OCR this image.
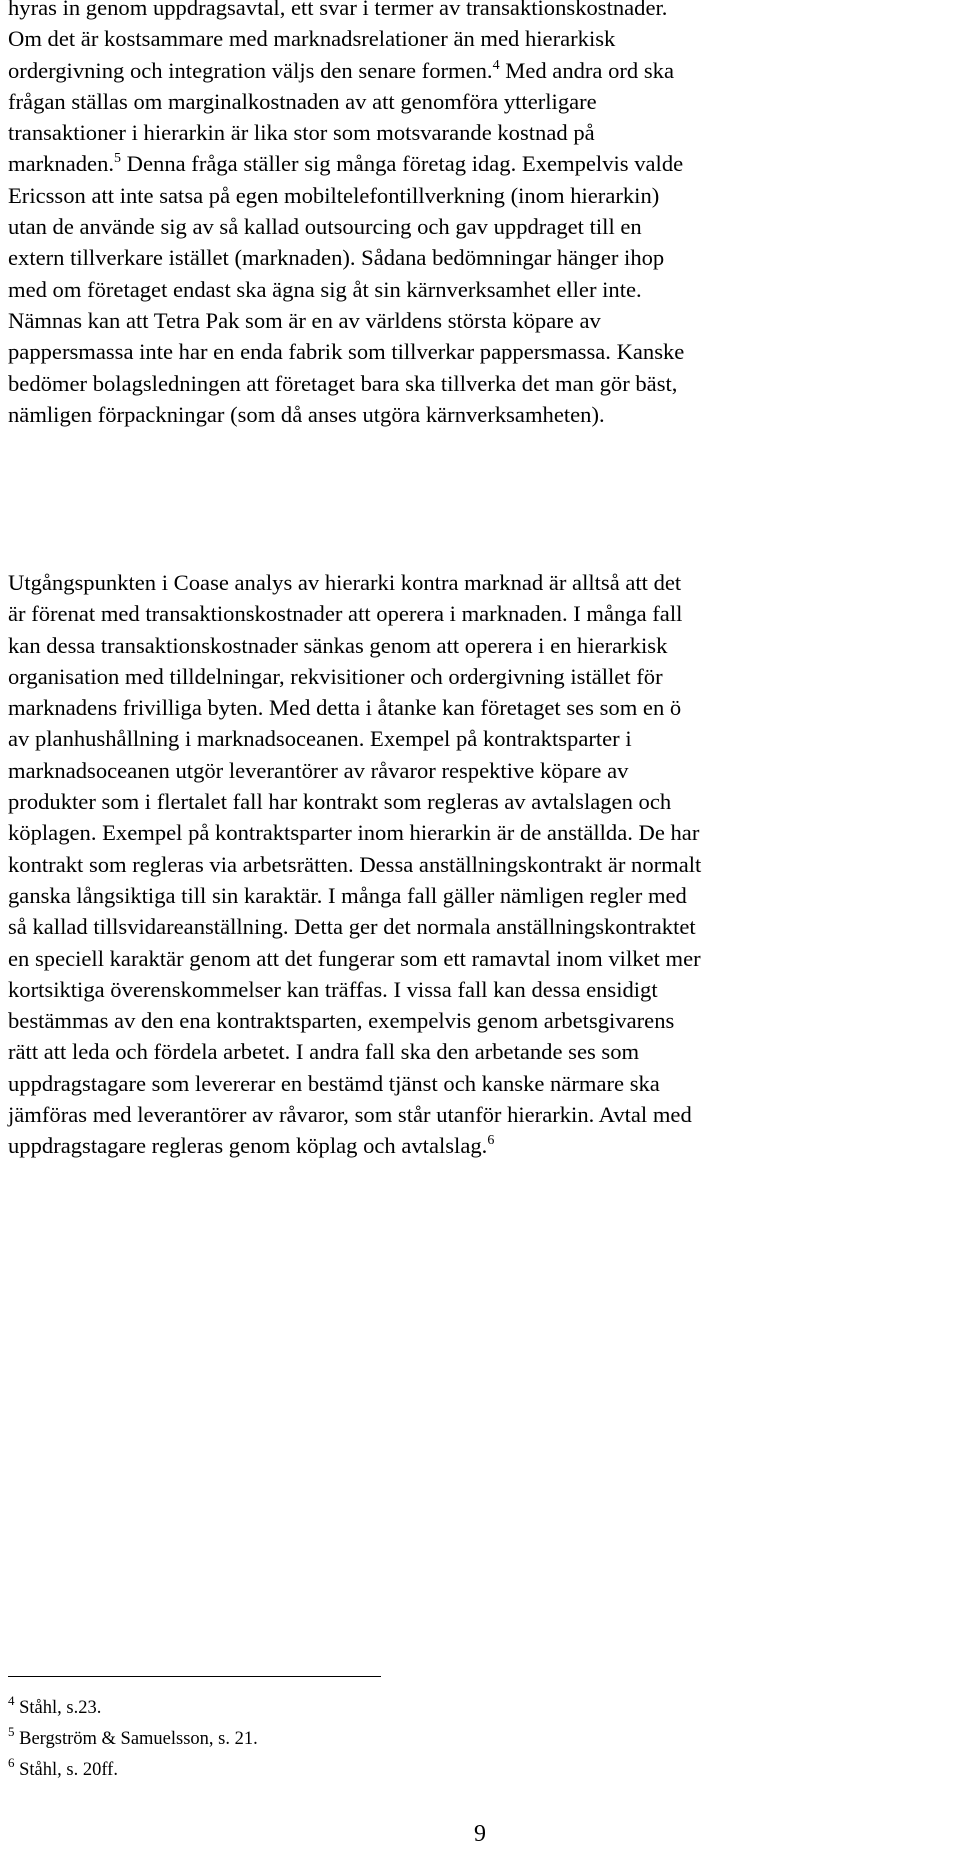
hyras in genom uppdragsavtal, ett svar i termer av transaktionskostnader.
Om det är kostsammare med marknadsrelationer än med hierarkisk
ordergivning och integration väljs den senare formen.$^4$ Med andra ord ska
frågan ställas om marginalkostnaden av att genomföra ytterligare
transaktioner i hierarkin är lika stor som motsvarande kostnad på
marknaden.$^5$ Denna fråga ställer sig många företag idag. Exempelvis valde
Ericsson att inte satsa på egen mobiltelefontillverkning (inom hierarkin)
utan de använde sig av så kallad outsourcing och gav uppdraget till en
extern tillverkare istället (marknaden). Sådana bedömningar hänger ihop
med om företaget endast ska ägna sig åt sin kärnverksamhet eller inte.
Nämnas kan att Tetra Pak som är en av världens största köpare av
pappersmassa inte har en enda fabrik som tillverkar pappersmassa. Kanske
bedömer bolagsledningen att företaget bara ska tillverka det man gör bäst,
nämligen förpackningar (som då anses utgöra kärnverksamheten).

Utgångspunkten i Coase analys av hierarki kontra marknad är alltså att det
är förenat med transaktionskostnader att operera i marknaden. I många fall
kan dessa transaktionskostnader sänkas genom att operera i en hierarkisk
organisation med tilldelningar, rekvisitioner och ordergivning istället för
marknadens frivilliga byten. Med detta i åtanke kan företaget ses som en ö
av planhushållning i marknadsoceanen. Exempel på kontraktsparter i
marknadsoceanen utgör leverantörer av råvaror respektive köpare av
produkter som i flertalet fall har kontrakt som regleras av avtalslagen och
köplagen. Exempel på kontraktsparter inom hierarkin är de anställda. De har
kontrakt som regleras via arbetsrätten. Dessa anställningskontrakt är normalt
ganska långsiktiga till sin karaktär. I många fall gäller nämligen regler med
så kallad tillsvidareanställning. Detta ger det normala anställningskontraktet
en speciell karaktär genom att det fungerar som ett ramavtal inom vilket mer
kortsiktiga överenskommelser kan träffas. I vissa fall kan dessa ensidigt
bestämmas av den ena kontraktsparten, exempelvis genom arbetsgivarens
rätt att leda och fördela arbetet. I andra fall ska den arbetande ses som
uppdragstagare som levererar en bestämd tjänst och kanske närmare ska
jämföras med leverantörer av råvaror, som står utanför hierarkin. Avtal med
uppdragstagare regleras genom köplag och avtalslag.$^6$

$^4$ Ståhl, s.23.
$^5$ Bergström & Samuelsson, s. 21.
$^6$ Ståhl, s. 20ff.
9
